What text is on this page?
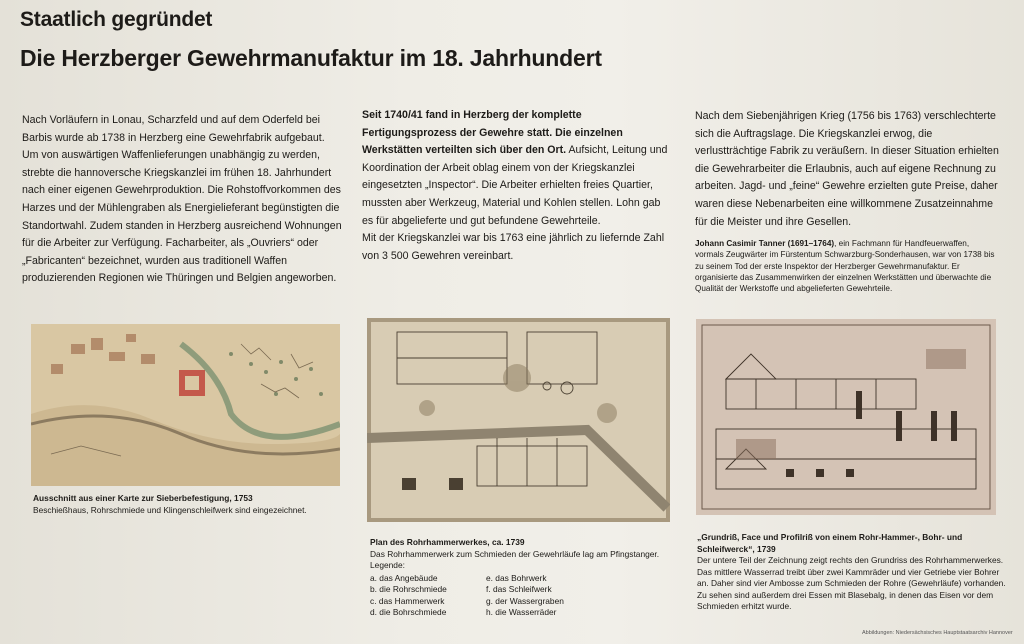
Staatlich gegründet
Die Herzberger Gewehrmanufaktur im 18. Jahrhundert

Nach Vorläufern in Lonau, Scharzfeld und auf dem Oderfeld bei Barbis wurde ab 1738 in Herzberg eine Gewehrfabrik aufgebaut. Um von auswärtigen Waffenlieferungen unabhängig zu werden, strebte die hannoversche Kriegskanzlei im frühen 18. Jahrhundert nach einer eigenen Gewehrproduktion. Die Rohstoffvorkommen des Harzes und der Mühlengraben als Energielieferant begünstigten die Standortwahl. Zudem standen in Herzberg ausreichend Wohnungen für die Arbeiter zur Verfügung. Facharbeiter, als „Ouvriers“ oder „Fabricanten“ bezeichnet, wurden aus traditionell Waffen produzierenden Regionen wie Thüringen und Belgien angeworben.

Seit 1740/41 fand in Herzberg der komplette Fertigungsprozess der Gewehre statt. Die einzelnen Werkstätten verteilten sich über den Ort. Aufsicht, Leitung und Koordination der Arbeit oblag einem von der Kriegskanzlei eingesetzten „Inspector“. Die Arbeiter erhielten freies Quartier, mussten aber Werkzeug, Material und Kohlen stellen. Lohn gab es für abgelieferte und gut befundene Gewehrteile.

Mit der Kriegskanzlei war bis 1763 eine jährlich zu liefernde Zahl von 3 500 Gewehren vereinbart.

Nach dem Siebenjährigen Krieg (1756 bis 1763) verschlechterte sich die Auftragslage. Die Kriegskanzlei erwog, die verlustträchtige Fabrik zu veräußern. In dieser Situation erhielten die Gewehrarbeiter die Erlaubnis, auch auf eigene Rechnung zu arbeiten. Jagd- und „feine“ Gewehre erzielten gute Preise, daher waren diese Nebenarbeiten eine willkommene Zusatzeinnahme für die Meister und ihre Gesellen.

Johann Casimir Tanner (1691–1764), ein Fachmann für Handfeuerwaffen, vormals Zeugwärter im Fürstentum Schwarzburg-Sonderhausen, war von 1738 bis zu seinem Tod der erste Inspektor der Herzberger Gewehrmanufaktur. Er organisierte das Zusammenwirken der einzelnen Werkstätten und überwachte die Qualität der Werkstoffe und abgelieferten Gewehrteile.

Ausschnitt aus einer Karte zur Sieberbefestigung, 1753

Beschießhaus, Rohrschmiede und Klingenschleifwerk sind eingezeichnet.

Plan des Rohrhammerwerkes, ca. 1739

Das Rohrhammerwerk zum Schmieden der Gewehrläufe lag am Pfingstanger.

Legende:

a. das Angebäude	e. das Bohrwerk
b. die Rohrschmiede	f. das Schleifwerk
c. das Hammerwerk	g. der Wassergraben
d. die Bohrschmiede	h. die Wasserräder

„Grundriß, Face und Profilriß von einem Rohr-Hammer-, Bohr- und Schleifwerck“, 1739

Der untere Teil der Zeichnung zeigt rechts den Grundriss des Rohrhammerwerkes. Das mittlere Wasserrad treibt über zwei Kammräder und vier Getriebe vier Bohrer an. Daher sind vier Ambosse zum Schmieden der Rohre (Gewehrläufe) vorhanden. Zu sehen sind außerdem drei Essen mit Blasebalg, in denen das Eisen vor dem Schmieden erhitzt wurde.

Abbildungen: Niedersächsisches Hauptstaatsarchiv Hannover
